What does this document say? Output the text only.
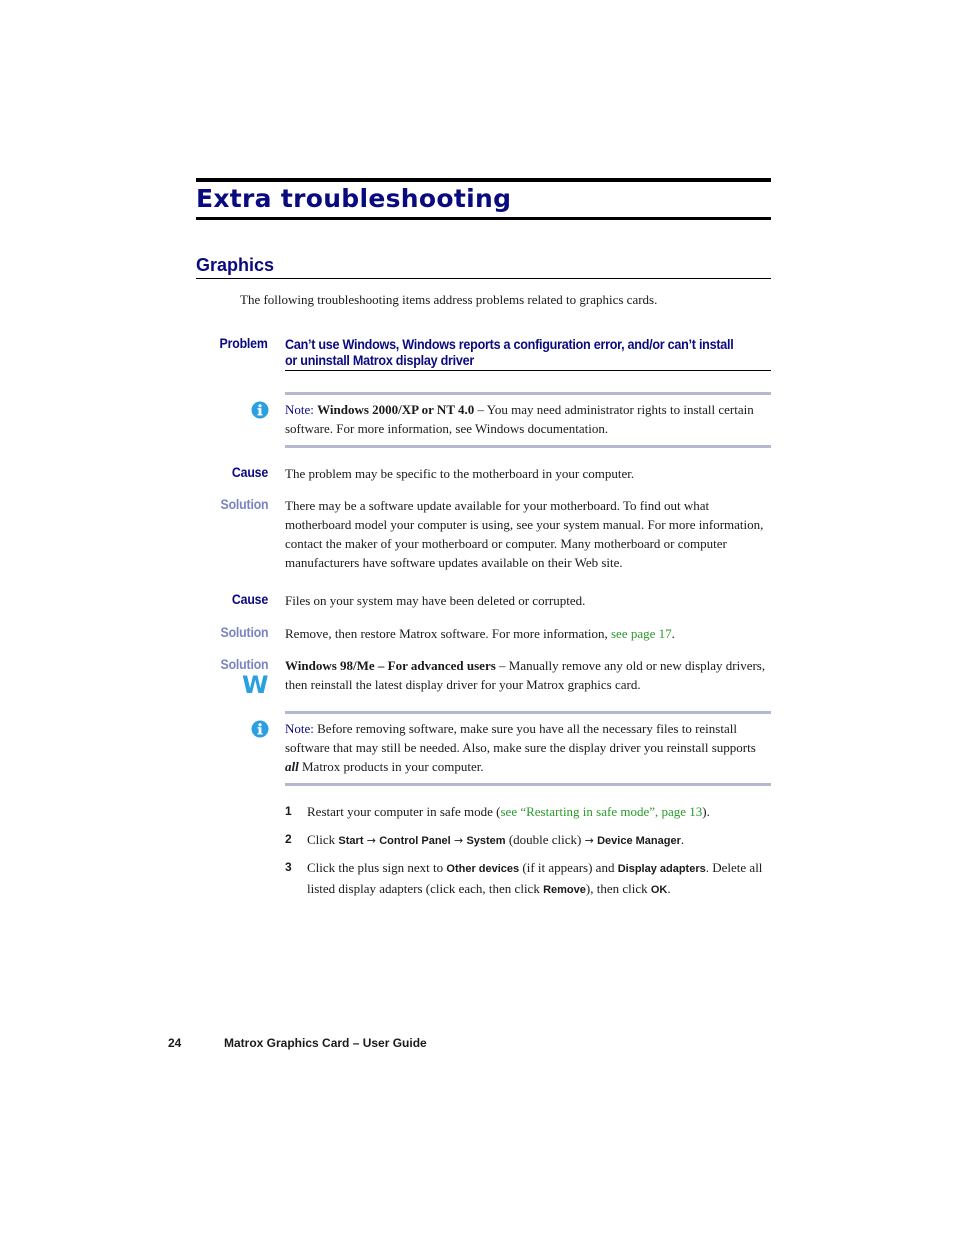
Extra troubleshooting
Graphics
The following troubleshooting items address problems related to graphics cards.
Problem Can’t use Windows, Windows reports a configuration error, and/or can’t install
or uninstall Matrox display driver
Note: Windows 2000/XP or NT 4.0 – You may need administrator rights to install certain software. For more information, see Windows documentation.
Cause The problem may be specific to the motherboard in your computer.
Solution There may be a software update available for your motherboard. To find out what motherboard model your computer is using, see your system manual. For more information, contact the maker of your motherboard or computer. Many motherboard or computer manufacturers have software updates available on their Web site.
Cause Files on your system may have been deleted or corrupted.
Solution Remove, then restore Matrox software. For more information, see page 17.
Solution
W
Windows 98/Me – For advanced users – Manually remove any old or new display drivers, then reinstall the latest display driver for your Matrox graphics card.
Note: Before removing software, make sure you have all the necessary files to reinstall software that may still be needed. Also, make sure the display driver you reinstall supports all Matrox products in your computer.
1 Restart your computer in safe mode (see “Restarting in safe mode”, page 13).
2 Click Start → Control Panel → System (double click) → Device Manager.
3 Click the plus sign next to Other devices (if it appears) and Display adapters. Delete all listed display adapters (click each, then click Remove), then click OK.
24	Matrox Graphics Card – User Guide
